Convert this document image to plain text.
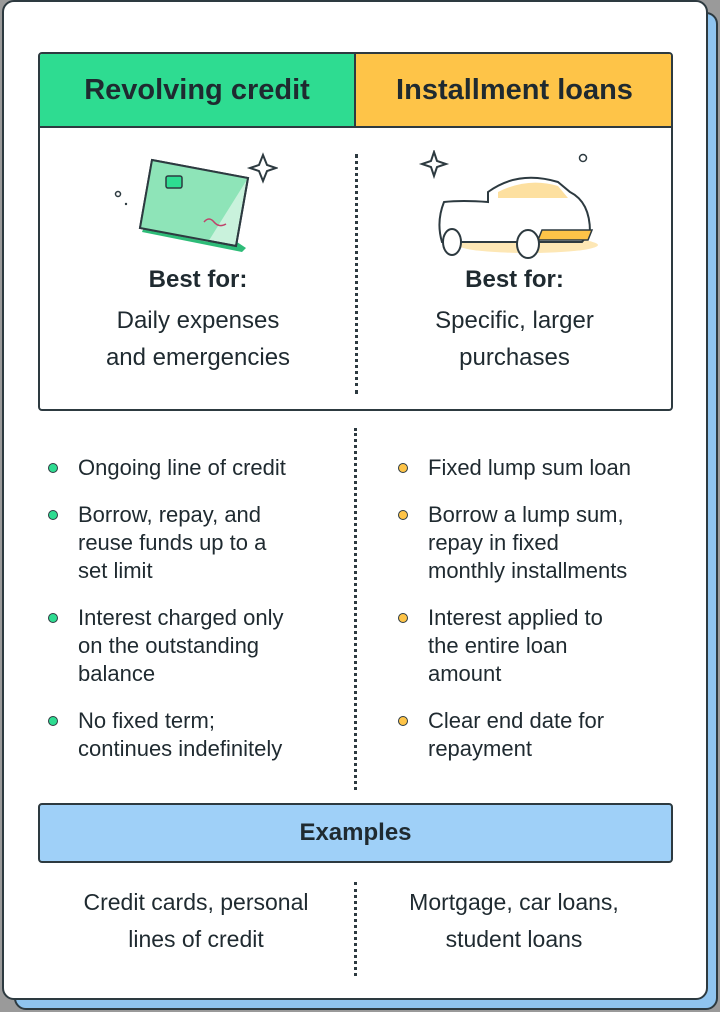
Revolving credit	Installment loans
Best for:
Daily expenses
and emergencies
Best for:
Specific, larger
purchases
Ongoing line of credit
Borrow, repay, and
reuse funds up to a
set limit
Interest charged only
on the outstanding
balance
No fixed term;
continues indefinitely
Fixed lump sum loan
Borrow a lump sum,
repay in fixed
monthly installments
Interest applied to
the entire loan
amount
Clear end date for
repayment
Examples
Credit cards, personal
lines of credit
Mortgage, car loans,
student loans
